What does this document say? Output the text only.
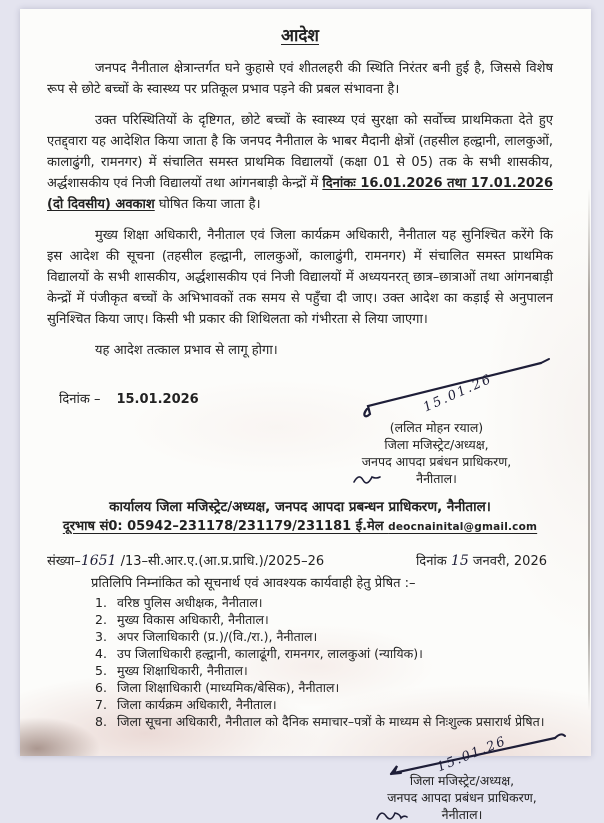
आदेश

जनपद नैनीताल क्षेत्रान्तर्गत घने कुहासे एवं शीतलहरी की स्थिति निरंतर बनी हुई है, जिससे विशेष रूप से छोटे बच्चों के स्वास्थ्य पर प्रतिकूल प्रभाव पड़ने की प्रबल संभावना है।

उक्त परिस्थितियों के दृष्टिगत, छोटे बच्चों के स्वास्थ्य एवं सुरक्षा को सर्वोच्च प्राथमिकता देते हुए एतद्द्वारा यह आदेशित किया जाता है कि जनपद नैनीताल के भाबर मैदानी क्षेत्रों (तहसील हल्द्वानी, लालकुओं, कालाढुंगी, रामनगर) में संचालित समस्त प्राथमिक विद्यालयों (कक्षा 01 से 05) तक के सभी शासकीय, अर्द्धशासकीय एवं निजी विद्यालयों तथा आंगनबाड़ी केन्द्रों में दिनांकः 16.01.2026 तथा 17.01.2026 (दो दिवसीय) अवकाश घोषित किया जाता है।

मुख्य शिक्षा अधिकारी, नैनीताल एवं जिला कार्यक्रम अधिकारी, नैनीताल यह सुनिश्चित करेंगे कि इस आदेश की सूचना (तहसील हल्द्वानी, लालकुओं, कालाढुंगी, रामनगर) में संचालित समस्त प्राथमिक विद्यालयों के सभी शासकीय, अर्द्धशासकीय एवं निजी विद्यालयों में अध्ययनरत् छात्र–छात्राओं तथा आंगनबाड़ी केन्द्रों में पंजीकृत बच्चों के अभिभावकों तक समय से पहुँचा दी जाए। उक्त आदेश का कड़ाई से अनुपालन सुनिश्चित किया जाए। किसी भी प्रकार की शिथिलता को गंभीरता से लिया जाएगा।

यह आदेश तत्काल प्रभाव से लागू होगा।

दिनांक – 15.01.2026	15.01.26
(ललित मोहन रयाल)
जिला मजिस्ट्रेट/अध्यक्ष,
जनपद आपदा प्रबंधन प्राधिकरण,
नैनीताल।
कार्यालय जिला मजिस्ट्रेट/अध्यक्ष, जनपद आपदा प्रबन्धन प्राधिकरण, नैनीताल।
दूरभाष सं0: 05942–231178/231179/231181 ई.मेल deocnainital@gmail.com
संख्या–1651 /13–सी.आर.ए.(आ.प्र.प्राधि.)/2025–26	दिनांक 15 जनवरी, 2026
प्रतिलिपि निम्नांकित को सूचनार्थ एवं आवश्यक कार्यवाही हेतु प्रेषित :–
1. वरिष्ठ पुलिस अधीक्षक, नैनीताल।
2. मुख्य विकास अधिकारी, नैनीताल।
3. अपर जिलाधिकारी (प्र.)/(वि./रा.), नैनीताल।
4. उप जिलाधिकारी हल्द्वानी, कालाढूंगी, रामनगर, लालकुआं (न्यायिक)।
5. मुख्य शिक्षाधिकारी, नैनीताल।
6. जिला शिक्षाधिकारी (माध्यमिक/बेसिक), नैनीताल।
7. जिला कार्यक्रम अधिकारी, नैनीताल।
8. जिला सूचना अधिकारी, नैनीताल को दैनिक समाचार–पत्रों के माध्यम से निःशुल्क प्रसारार्थ प्रेषित।
15.01.26
जिला मजिस्ट्रेट/अध्यक्ष,
जनपद आपदा प्रबंधन प्राधिकरण,
नैनीताल।
